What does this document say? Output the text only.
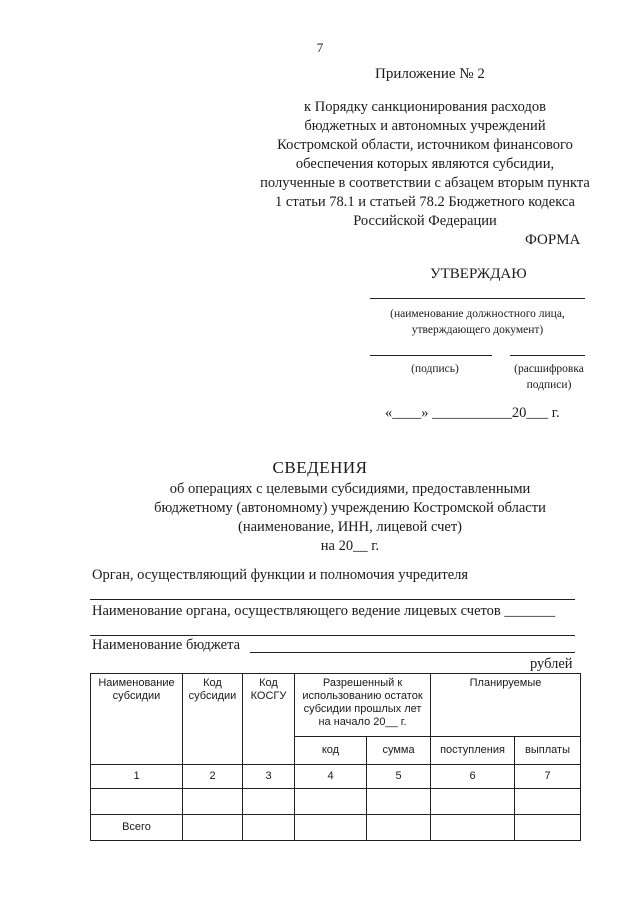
7
Приложение № 2
к Порядку санкционирования расходов
бюджетных и автономных учреждений
Костромской области, источником финансового
обеспечения которых являются субсидии,
полученные в соответствии с абзацем вторым пункта
1 статьи 78.1 и статьей 78.2 Бюджетного кодекса
Российской Федерации
ФОРМА
УТВЕРЖДАЮ
(наименование должностного лица, утверждающего документ)
(подпись)	(расшифровка подписи)
«____» ___________20___ г.
СВЕДЕНИЯ
об операциях с целевыми субсидиями, предоставленными
бюджетному (автономному) учреждению Костромской области
(наименование, ИНН, лицевой счет)
на 20__ г.
Орган, осуществляющий функции и полномочия учредителя
Наименование органа, осуществляющего ведение лицевых счетов _______
Наименование бюджета
рублей
Наименование субсидии	Код субсидии	Код КОСГУ	Разрешенный к использованию остаток субсидии прошлых лет на начало 20__ г.		Планируемые	
			код	сумма	поступления	выплаты
1	2	3	4	5	6	7

Всего						
